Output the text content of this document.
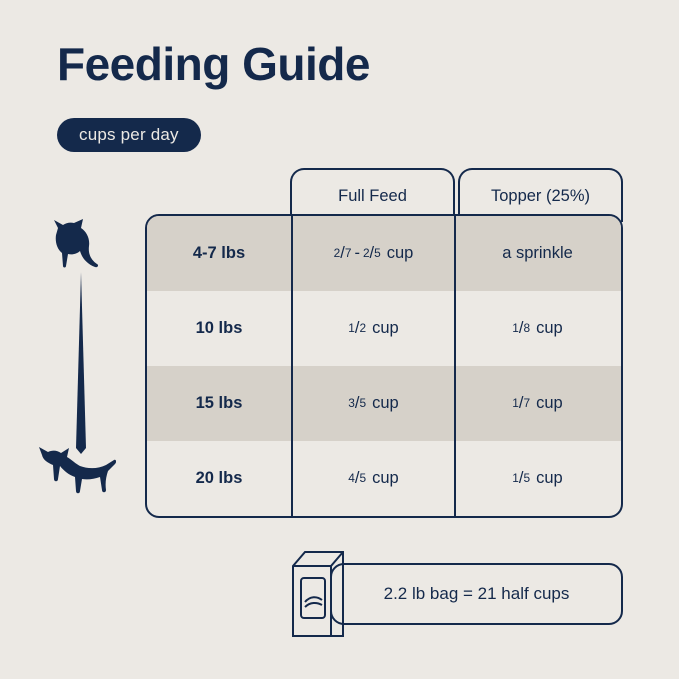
Feeding Guide
cups per day
Full Feed	Topper (25%)
4-7 lbs	2 / 7 - 2 / 5 cup	a sprinkle
10 lbs	1 / 2 cup	1 / 8 cup
15 lbs	3 / 5 cup	1 / 7 cup
20 lbs	4 / 5 cup	1 / 5 cup
2.2 lb bag = 21 half cups
